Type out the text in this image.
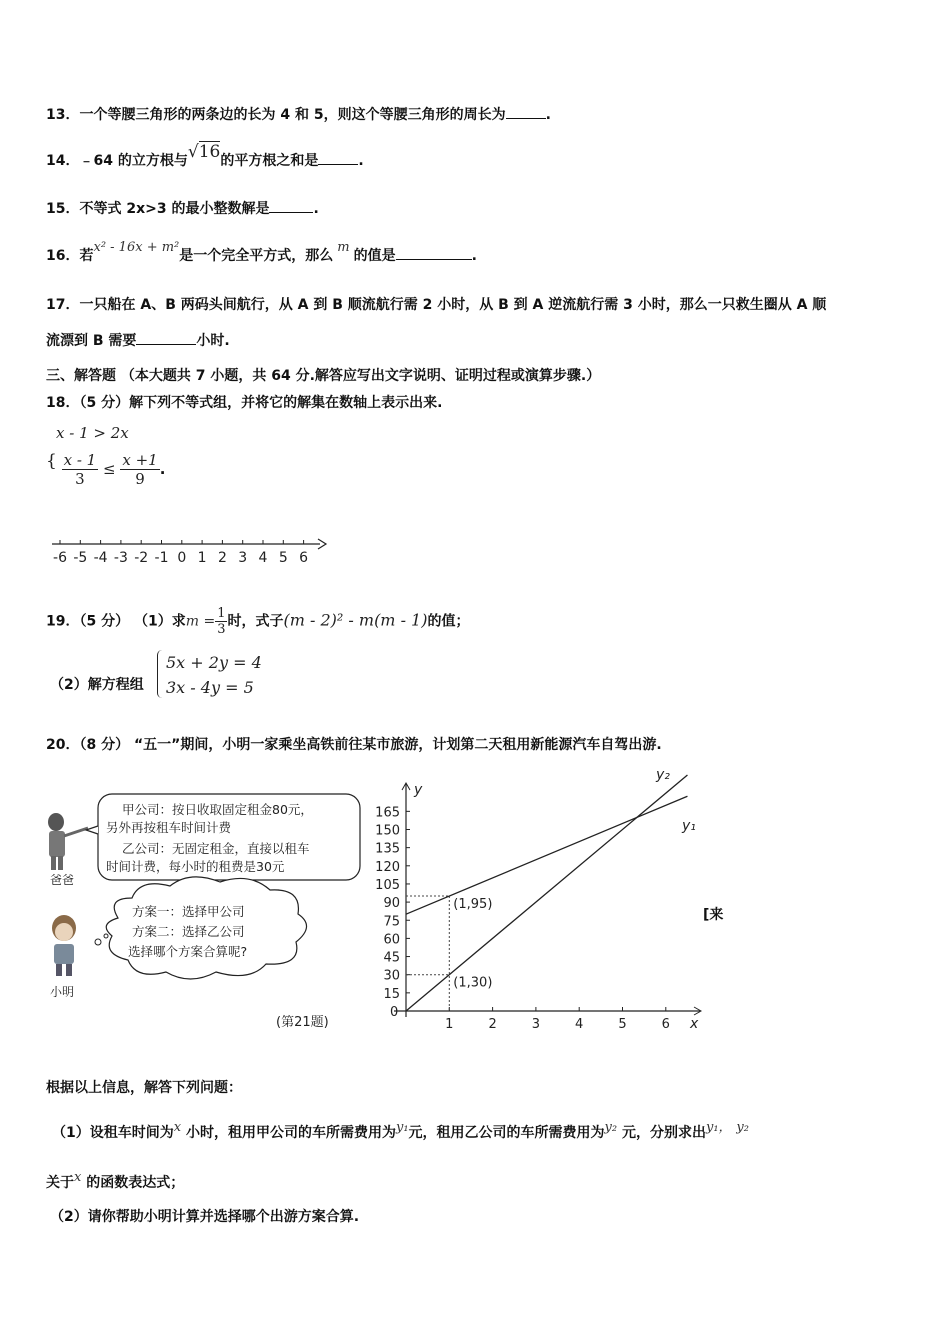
13．一个等腰三角形的两条边的长为 4 和 5，则这个等腰三角形的周长为	.
14．﹣64 的立方根与√16的平方根之和是	.
15．不等式 2x>3 的最小整数解是	.
16．若x² - 16x + m²是一个完全平方式，那么m的值是	.
17．一只船在 A、B 两码头间航行，从 A 到 B 顺流航行需 2 小时，从 B 到 A 逆流航行需 3 小时，那么一只救生圈从 A 顺
流漂到 B 需要	小时.
三、解答题 （本大题共 7 小题，共 64 分.解答应写出文字说明、证明过程或演算步骤.）
18．（5 分）解下列不等式组，并将它的解集在数轴上表示出来.
x - 1 > 2x
{ $\frac{x - 1}{3} \le \frac{x +1}{9}$ .
-6 -5 -4 -3 -2 -1 0 1 2 3 4 5 6
19．（5 分） （1）求$m = \frac{1}{3}$ 时，式子(m - 2)² - m(m - 1)的值；
（2）解方程组
5x + 2y = 4
3x - 4y = 5
20．（8 分） “五一”期间，小明一家乘坐高铁前往某市旅游，计划第二天租用新能源汽车自驾出游.
爸爸
甲公司：按日收取固定租金80元，
另外再按租车时间计费
乙公司：无固定租金，直接以租车
时间计费，每小时的租费是30元
小明
方案一：选择甲公司
方案二：选择乙公司
选择哪个方案合算呢?
(第21题)	x
y
0
1	2	3	4	5	6
15
30
45
60
75
90
105
120
135
150
165
y₁
y₂
(1,95)
(1,30)
[来
根据以上信息，解答下列问题：
（1）设租车时间为x 小时，租用甲公司的车所需费用为y₁元，租用乙公司的车所需费用为y₂ 元，分别求出y₁， y₂
关于x 的函数表达式；
（2）请你帮助小明计算并选择哪个出游方案合算.
